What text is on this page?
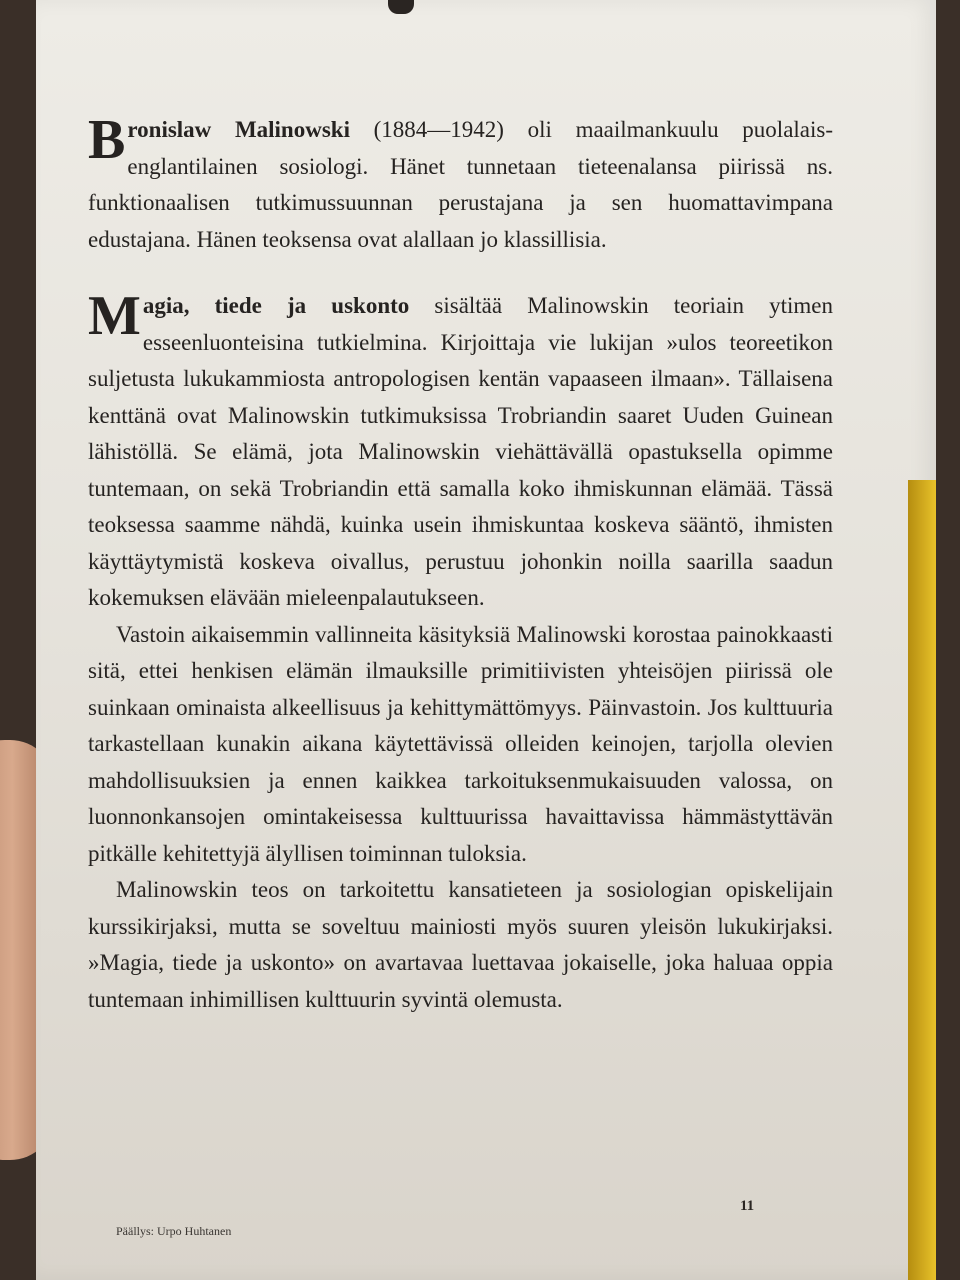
Bronislaw Malinowski (1884—1942) oli maailmankuulu puolalais-englantilainen sosiologi. Hänet tunnetaan tieteenalansa piirissä ns. funktionaalisen tutkimussuunnan perustajana ja sen huomattavimpana edustajana. Hänen teoksensa ovat alallaan jo klassillisia.

Magia, tiede ja uskonto sisältää Malinowskin teoriain ytimen esseenluonteisina tutkielmina. Kirjoittaja vie lukijan »ulos teoreetikon suljetusta lukukammiosta antropologisen kentän vapaaseen ilmaan». Tällaisena kenttänä ovat Malinowskin tutkimuksissa Trobriandin saaret Uuden Guinean lähistöllä. Se elämä, jota Malinowskin viehättävällä opastuksella opimme tuntemaan, on sekä Trobriandin että samalla koko ihmiskunnan elämää. Tässä teoksessa saamme nähdä, kuinka usein ihmiskuntaa koskeva sääntö, ihmisten käyttäytymistä koskeva oivallus, perustuu johonkin noilla saarilla saadun kokemuksen elävään mieleenpalautukseen.

Vastoin aikaisemmin vallinneita käsityksiä Malinowski korostaa painokkaasti sitä, ettei henkisen elämän ilmauksille primitiivisten yhteisöjen piirissä ole suinkaan ominaista alkeellisuus ja kehittymättömyys. Päinvastoin. Jos kulttuuria tarkastellaan kunakin aikana käytettävissä olleiden keinojen, tarjolla olevien mahdollisuuksien ja ennen kaikkea tarkoituksenmukaisuuden valossa, on luonnonkansojen omintakeisessa kulttuurissa havaittavissa hämmästyttävän pitkälle kehitettyjä älyllisen toiminnan tuloksia.

Malinowskin teos on tarkoitettu kansatieteen ja sosiologian opiskelijain kurssikirjaksi, mutta se soveltuu mainiosti myös suuren yleisön lukukirjaksi. »Magia, tiede ja uskonto» on avartavaa luettavaa jokaiselle, joka haluaa oppia tuntemaan inhimillisen kulttuurin syvintä olemusta.

11
Päällys: Urpo Huhtanen
